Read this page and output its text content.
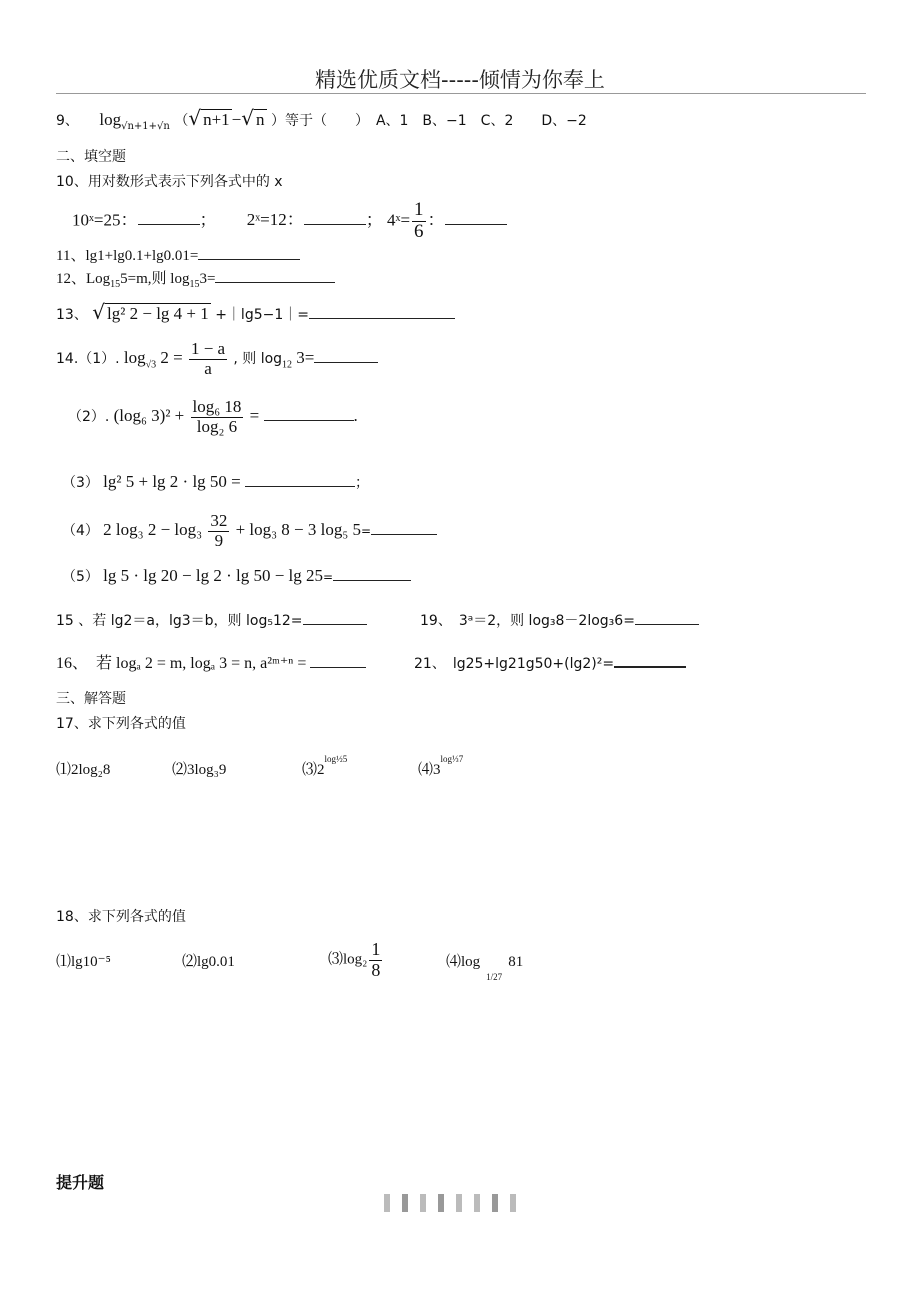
精选优质文档-----倾情为你奉上
9、 $\log_{√n+1+√n}$ （√ n+1 −√ n ）等于（　　）　A、1　B、−1　C、2　　D、−2
二、填空题
10、用对数形式表示下列各式中的 x
10ˣ=25：	； 2ˣ=12：	； 4ˣ= $\frac{1}{6}$ ：
11、lg1+lg0.1+lg0.01=
12、Log$_{15}$5=m,则 $\log_{15}3=$
13、 √ lg² 2 − lg 4 + 1 +｜lg5−1｜=
14.（1）. $\log_{√3} 2 = \frac{1 - a}{a}$ , 则 $\log_{12} 3=$
（2）. (log₆ $3)^2 + \frac{\text{log₆ 18}}{\text{log₂ 6}}$ =	.
（3） lg² 5 + lg 2 · lg 50 =	；
（4） 2 log₃ $2 - \log_3 \frac{32}{9} + \log_3$ 8 − 3 log₅ 5=
（5） lg 5 · lg 20 − lg 2 · lg 50 − lg 25=
15 、若 lg2＝a，lg3＝b，则 log₅12=	19、　3ᵃ＝2，则 log₃8－2log₃6=
16、　若 logₐ 2 = m, logₐ 3 = n, a²ᵐ⁺ⁿ =	21、　lg25+lg21g50+(lg2)²=
三、解答题
17、求下列各式的值
⑴2log₂8	⑵3log₃9	$⑶2^{log\frac{1}{2}5}$
$⑷3^{log\frac{1}{3}7}$
18、求下列各式的值
⑴lg10⁻⁵	⑵lg0.01	⑶log₂ $\frac{1}{8}$	$⑷\log_{1/27}81$
提升题
